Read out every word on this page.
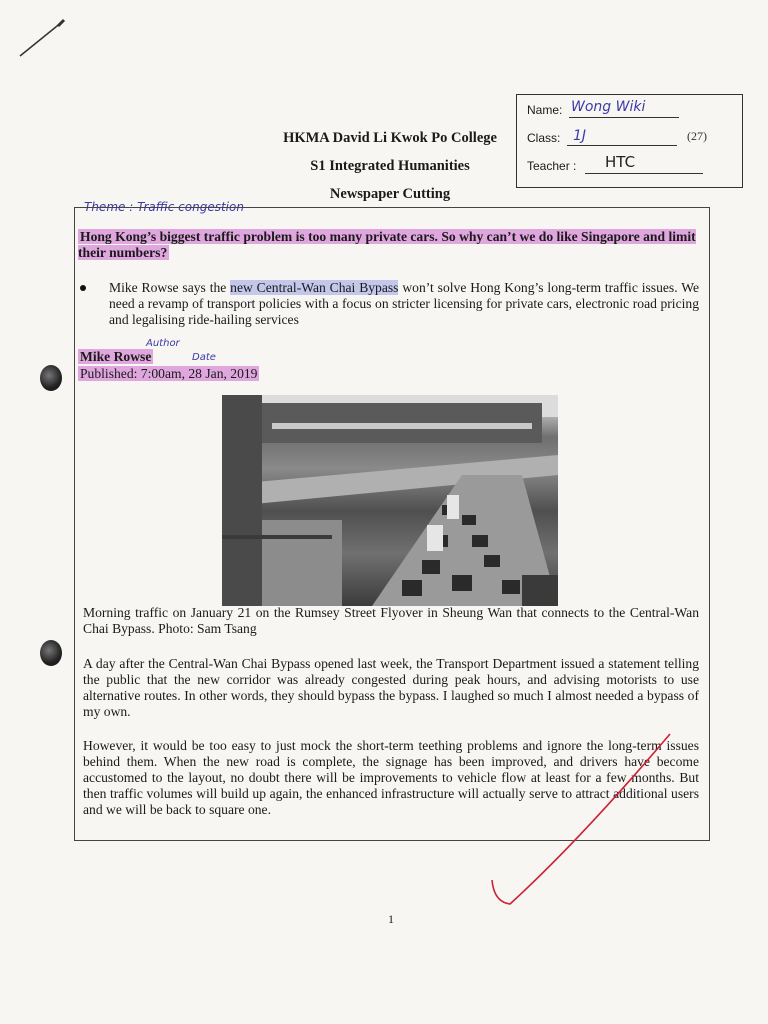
HKMA David Li Kwok Po College
S1 Integrated Humanities
Newspaper Cutting
Name: Wong Wiki
Class: 1J	(27)
Teacher : HTC
Theme : Traffic congestion
Hong Kong’s biggest traffic problem is too many private cars. So why can’t we do like Singapore and limit their numbers?

Mike Rowse says the new Central-Wan Chai Bypass won’t solve Hong Kong’s long-term traffic issues. We need a revamp of transport policies with a focus on stricter licensing for private cars, electronic road pricing and legalising ride-hailing services

Author
Mike Rowse	Date
Published: 7:00am, 28 Jan, 2019

Morning traffic on January 21 on the Rumsey Street Flyover in Sheung Wan that connects to the Central-Wan Chai Bypass. Photo: Sam Tsang

A day after the Central-Wan Chai Bypass opened last week, the Transport Department issued a statement telling the public that the new corridor was already congested during peak hours, and advising motorists to use alternative routes. In other words, they should bypass the bypass. I laughed so much I almost needed a bypass of my own.

However, it would be too easy to just mock the short-term teething problems and ignore the long-term issues behind them. When the new road is complete, the signage has been improved, and drivers have become accustomed to the layout, no doubt there will be improvements to vehicle flow at least for a few months. But then traffic volumes will build up again, the enhanced infrastructure will actually serve to attract additional users and we will be back to square one.

1
